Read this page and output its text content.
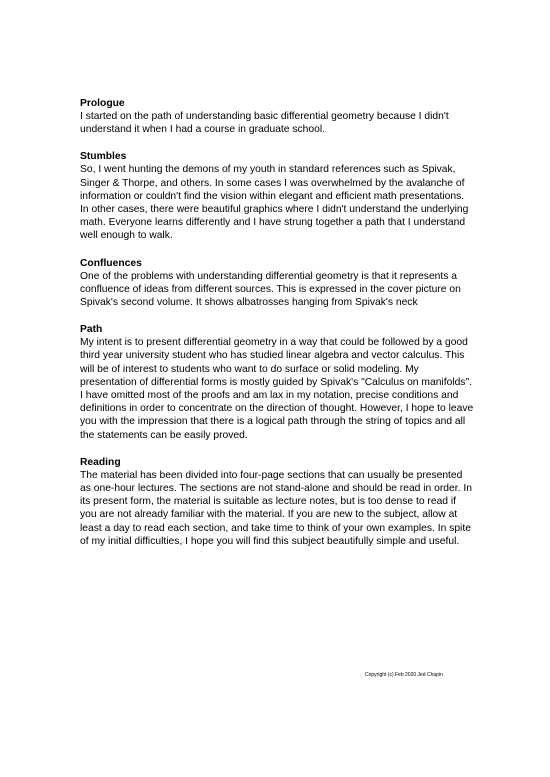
Prologue

I started on the path of understanding basic differential geometry because I didn't understand it when I had a course in graduate school.

Stumbles

So, I went hunting the demons of my youth in standard references such as Spivak, Singer & Thorpe, and others. In some cases I was overwhelmed by the avalanche of information or couldn't find the vision within elegant and efficient math presentations. In other cases, there were beautiful graphics where I didn't understand the underlying math. Everyone learns differently and I have strung together a path that I understand well enough to walk.

Confluences

One of the problems with understanding differential geometry is that it represents a confluence of ideas from different sources. This is expressed in the cover picture on Spivak's second volume. It shows albatrosses hanging from Spivak's neck

Path

My intent is to present differential geometry in a way that could be followed by a good third year university student who has studied linear algebra and vector calculus. This will be of interest to students who want to do surface or solid modeling. My presentation of differential forms is mostly guided by Spivak's "Calculus on manifolds". I have omitted most of the proofs and am lax in my notation, precise conditions and definitions in order to concentrate on the direction of thought. However, I hope to leave you with the impression that there is a logical path through the string of topics and all the statements can be easily proved.

Reading

The material has been divided into four-page sections that can usually be presented as one-hour lectures. The sections are not stand-alone and should be read in order. In its present form, the material is suitable as lecture notes, but is too dense to read if you are not already familiar with the material. If you are new to the subject, allow at least a day to read each section, and take time to think of your own examples. In spite of my initial difficulties, I hope you will find this subject beautifully simple and useful.

Copyright (c) Feb 2020 Jed Chapin
